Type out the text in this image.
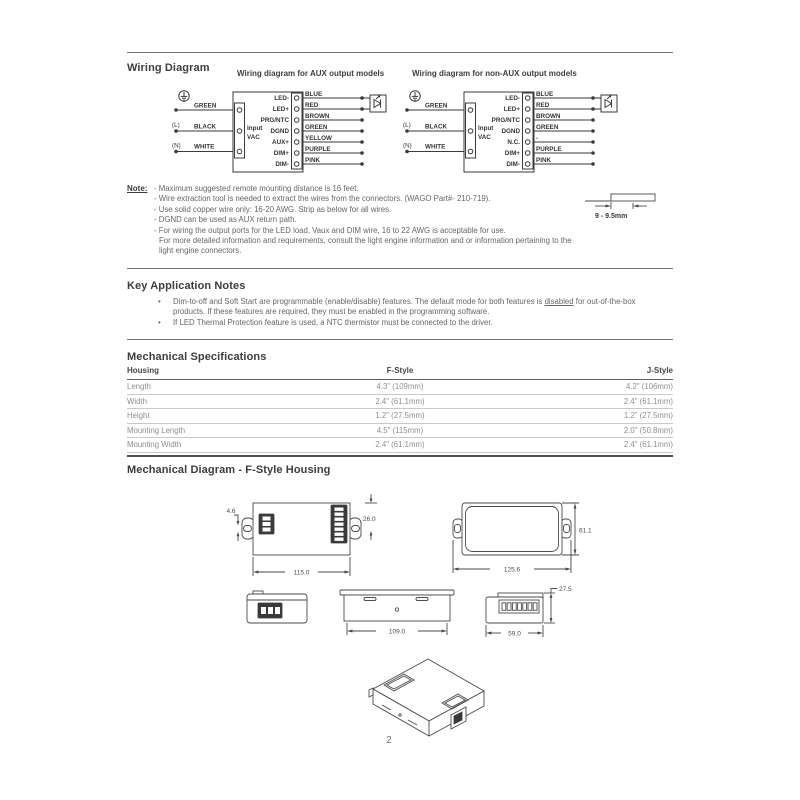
Wiring Diagram	Wiring diagram for AUX output models	Wiring diagram for non-AUX output models
GREEN
(L) BLACK
(N) WHITE
Input
VAC
LED-
LED+
PRG/NTC
DGND
AUX+
DIM+
DIM-
BLUE
RED
BROWN
GREEN
YELLOW
PURPLE
PINK
GREEN
(L) BLACK
(N) WHITE
Input
VAC
LED-
LED+
PRG/NTC
DGND
N.C.
DIM+
DIM-
BLUE
RED
BROWN
GREEN
-
PURPLE
PINK
Note: - Maximum suggested remote mounting distance is 16 feet.
- Wire extraction tool is needed to extract the wires from the connectors. (WAGO Part#- 210-719).
- Use solid copper wire only: 16-20 AWG. Strip as below for all wires.
- DGND can be used as AUX return path.
- For wiring the output ports for the LED load, Vaux and DIM wire, 16 to 22 AWG is acceptable for use.
For more detailed information and requirements, consult the light engine information and or information pertaining to the
light engine connectors.
9 - 9.5mm
Key Application Notes
•	Dim-to-off and Soft Start are programmable (enable/disable) features. The default mode for both features is disabled for out-of-the-box products. If these features are required, they must be enabled in the programming software.
•	If LED Thermal Protection feature is used, a NTC thermistor must be connected to the driver.
Mechanical Specifications
Housing	F-Style	J-Style
Length	4.3" (109mm)	4.2" (106mm)
Width	2.4" (61.1mm)	2.4" (61.1mm)
Height	1.2" (27.5mm)	1.2" (27.5mm)
Mounting Length	4.5" (115mm)	2.0" (50.8mm)
Mounting Width	2.4" (61.1mm)	2.4" (61.1mm)
Mechanical Diagram - F-Style Housing
4.6
26.0
115.0
61.1
125.6
109.0	59.0
27.5
2
